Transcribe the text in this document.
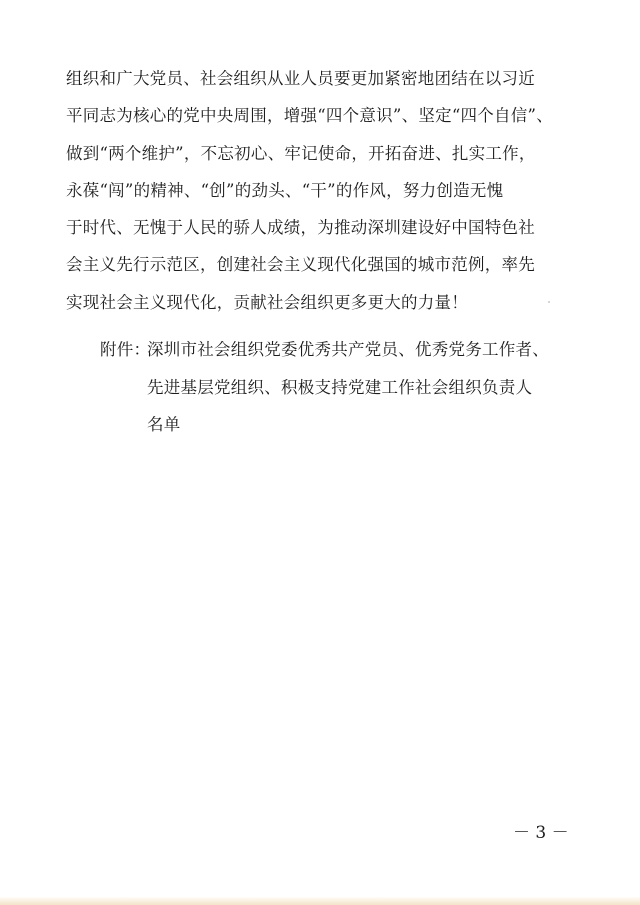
组织和广大党员、社会组织从业人员要更加紧密地团结在以习近
平同志为核心的党中央周围，增强“四个意识”、坚定“四个自信”、
做到“两个维护”，不忘初心、牢记使命，开拓奋进、扎实工作，
永葆“闯”的精神、“创”的劲头、“干”的作风，努力创造无愧
于时代、无愧于人民的骄人成绩，为推动深圳建设好中国特色社
会主义先行示范区，创建社会主义现代化强国的城市范例，率先
实现社会主义现代化，贡献社会组织更多更大的力量！
附件：深圳市社会组织党委优秀共产党员、优秀党务工作者、
先进基层党组织、积极支持党建工作社会组织负责人
名单
－ 3 －
